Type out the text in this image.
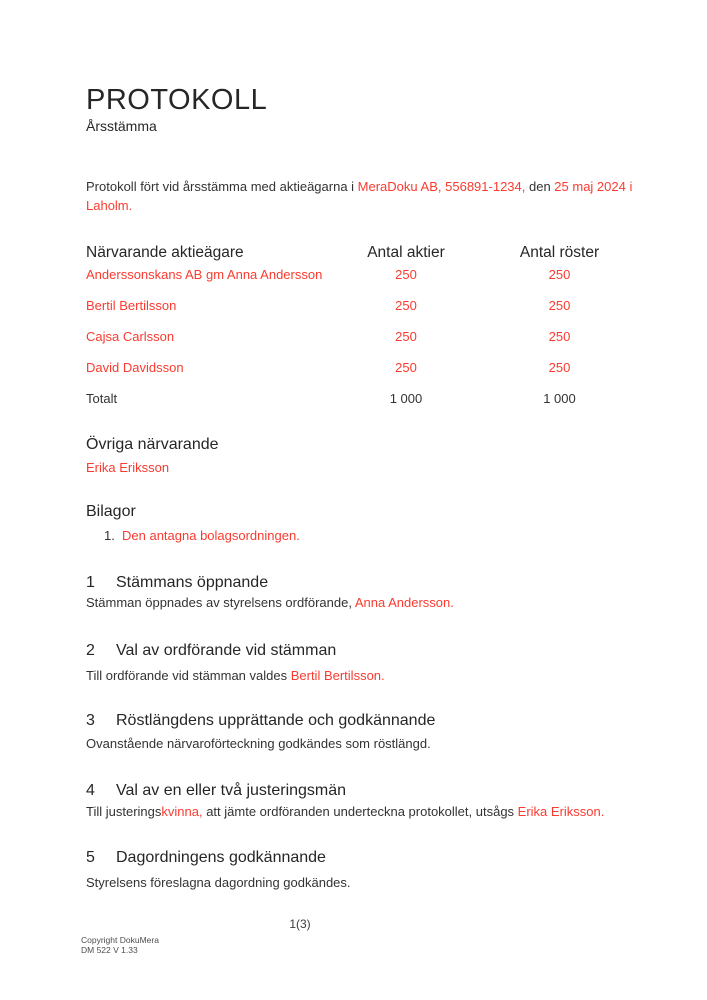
PROTOKOLL
Årsstämma

Protokoll fört vid årsstämma med aktieägarna i MeraDoku AB, 556891-1234, den 25 maj 2024 i Laholm.

Närvarande aktieägare	Antal aktier	Antal röster
Anderssonskans AB gm Anna Andersson	250	250
Bertil Bertilsson	250	250
Cajsa Carlsson	250	250
David Davidsson	250	250
Totalt	1 000	1 000
Övriga närvarande
Erika Eriksson
Bilagor
1. Den antagna bolagsordningen.
1 Stämmans öppnande

Stämman öppnades av styrelsens ordförande, Anna Andersson.

2 Val av ordförande vid stämman

Till ordförande vid stämman valdes Bertil Bertilsson.

3 Röstlängdens upprättande och godkännande

Ovanstående närvaroförteckning godkändes som röstlängd.

4 Val av en eller två justeringsmän

Till justeringskvinna, att jämte ordföranden underteckna protokollet, utsågs Erika Eriksson.

5 Dagordningens godkännande

Styrelsens föreslagna dagordning godkändes.

1(3)
Copyright DokuMera
DM 522 V 1.33
